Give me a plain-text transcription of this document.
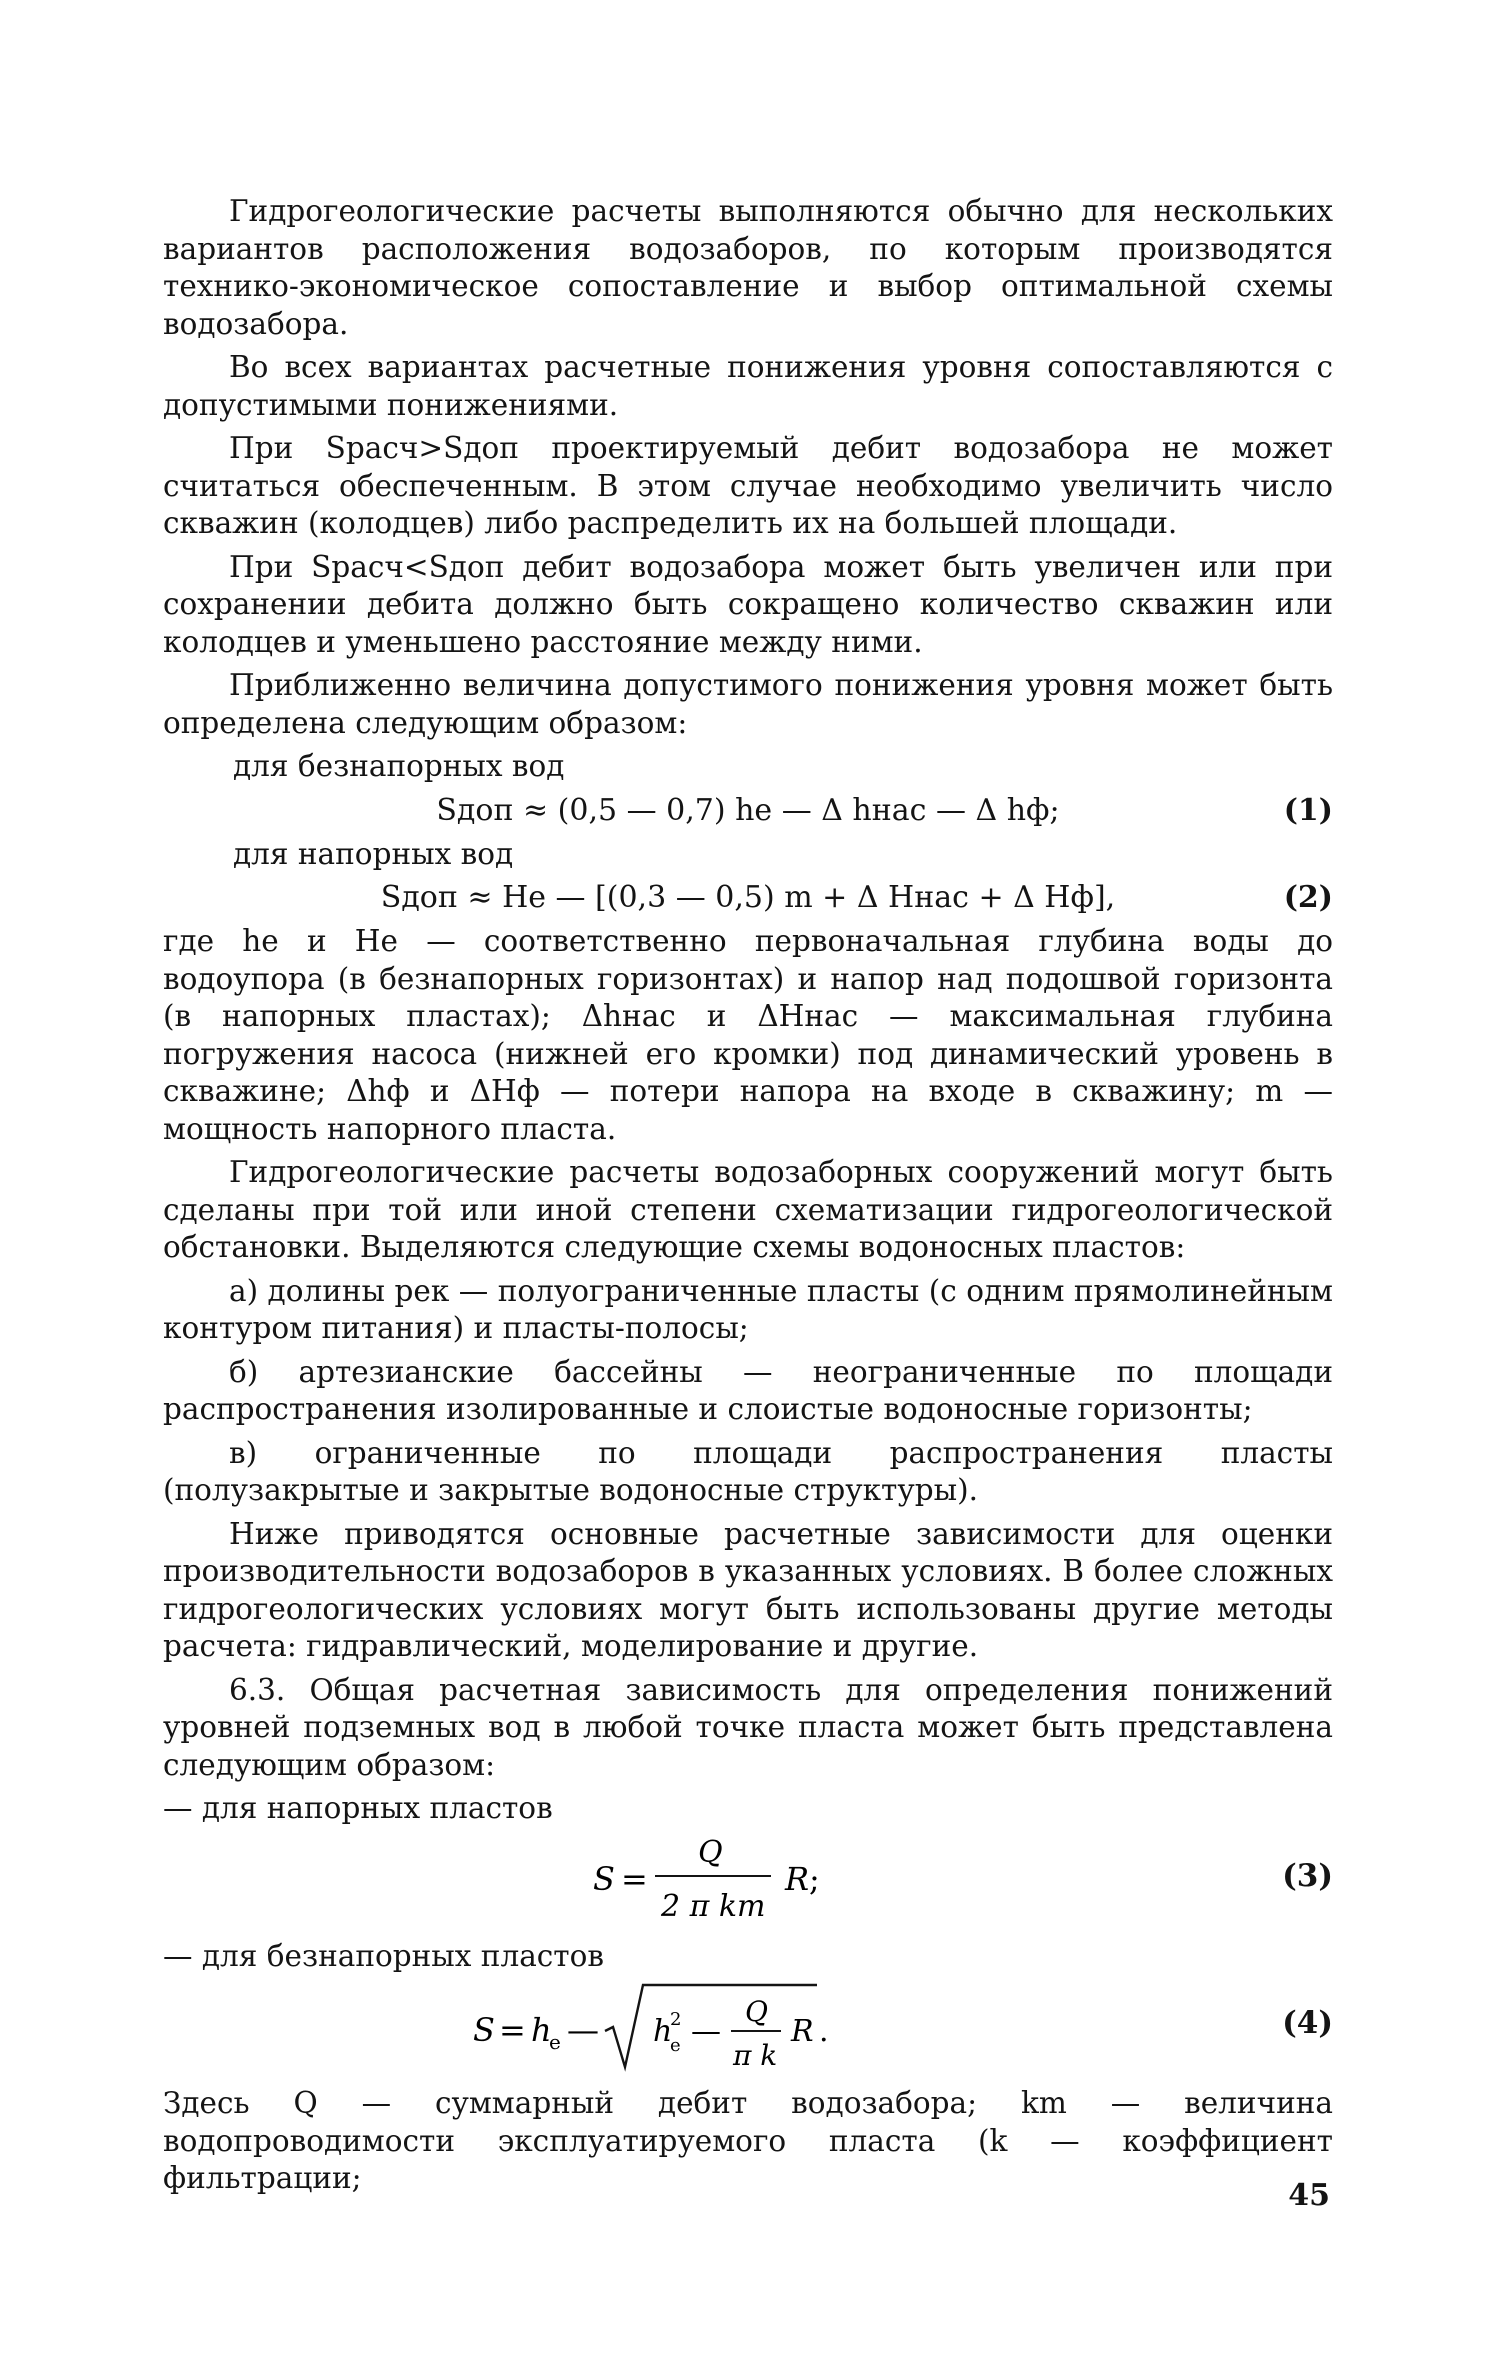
Гидрогеологические расчеты выполняются обычно для нескольких вариантов расположения водозаборов, по которым производятся технико-экономическое сопоставление и выбор оптимальной схемы водозабора.

Во всех вариантах расчетные понижения уровня сопоставляются с допустимыми понижениями.

При Sрасч>Sдоп проектируемый дебит водозабора не может считаться обеспеченным. В этом случае необходимо увеличить число скважин (колодцев) либо распределить их на большей площади.

При Sрасч<Sдоп дебит водозабора может быть увеличен или при сохранении дебита должно быть сокращено количество скважин или колодцев и уменьшено расстояние между ними.

Приближенно величина допустимого понижения уровня может быть определена следующим образом:

для безнапорных вод

Sдоп ≈ (0,5 — 0,7) hе — Δ hнас — Δ hф;	(1)

для напорных вод

Sдоп ≈ Hе — [(0,3 — 0,5) m + Δ Hнас + Δ Hф],	(2)

где hе и Hе — соответственно первоначальная глубина воды до водоупора (в безнапорных горизонтах) и напор над подошвой горизонта (в напорных пластах); Δhнас и ΔHнас — максимальная глубина погружения насоса (нижней его кромки) под динамический уровень в скважине; Δhф и ΔHф — потери напора на входе в скважину; m — мощность напорного пласта.

Гидрогеологические расчеты водозаборных сооружений могут быть сделаны при той или иной степени схематизации гидрогеологической обстановки. Выделяются следующие схемы водоносных пластов:

а) долины рек — полуограниченные пласты (с одним прямолинейным контуром питания) и пласты-полосы;

б) артезианские бассейны — неограниченные по площади распространения изолированные и слоистые водоносные горизонты;

в) ограниченные по площади распространения пласты (полузакрытые и закрытые водоносные структуры).

Ниже приводятся основные расчетные зависимости для оценки производительности водозаборов в указанных условиях. В более сложных гидрогеологических условиях могут быть использованы другие методы расчета: гидравлический, моделирование и другие.

6.3. Общая расчетная зависимость для определения понижений уровней подземных вод в любой точке пласта может быть представлена следующим образом:

— для напорных пластов

S =
Q
2 π km
R ;	(3)

— для безнапорных пластов

S = h
е — h
2
е —
Q
π k
R .	(4)

Здесь Q — суммарный дебит водозабора; km — величина водопроводимости эксплуатируемого пласта (k — коэффициент фильтрации;	45
